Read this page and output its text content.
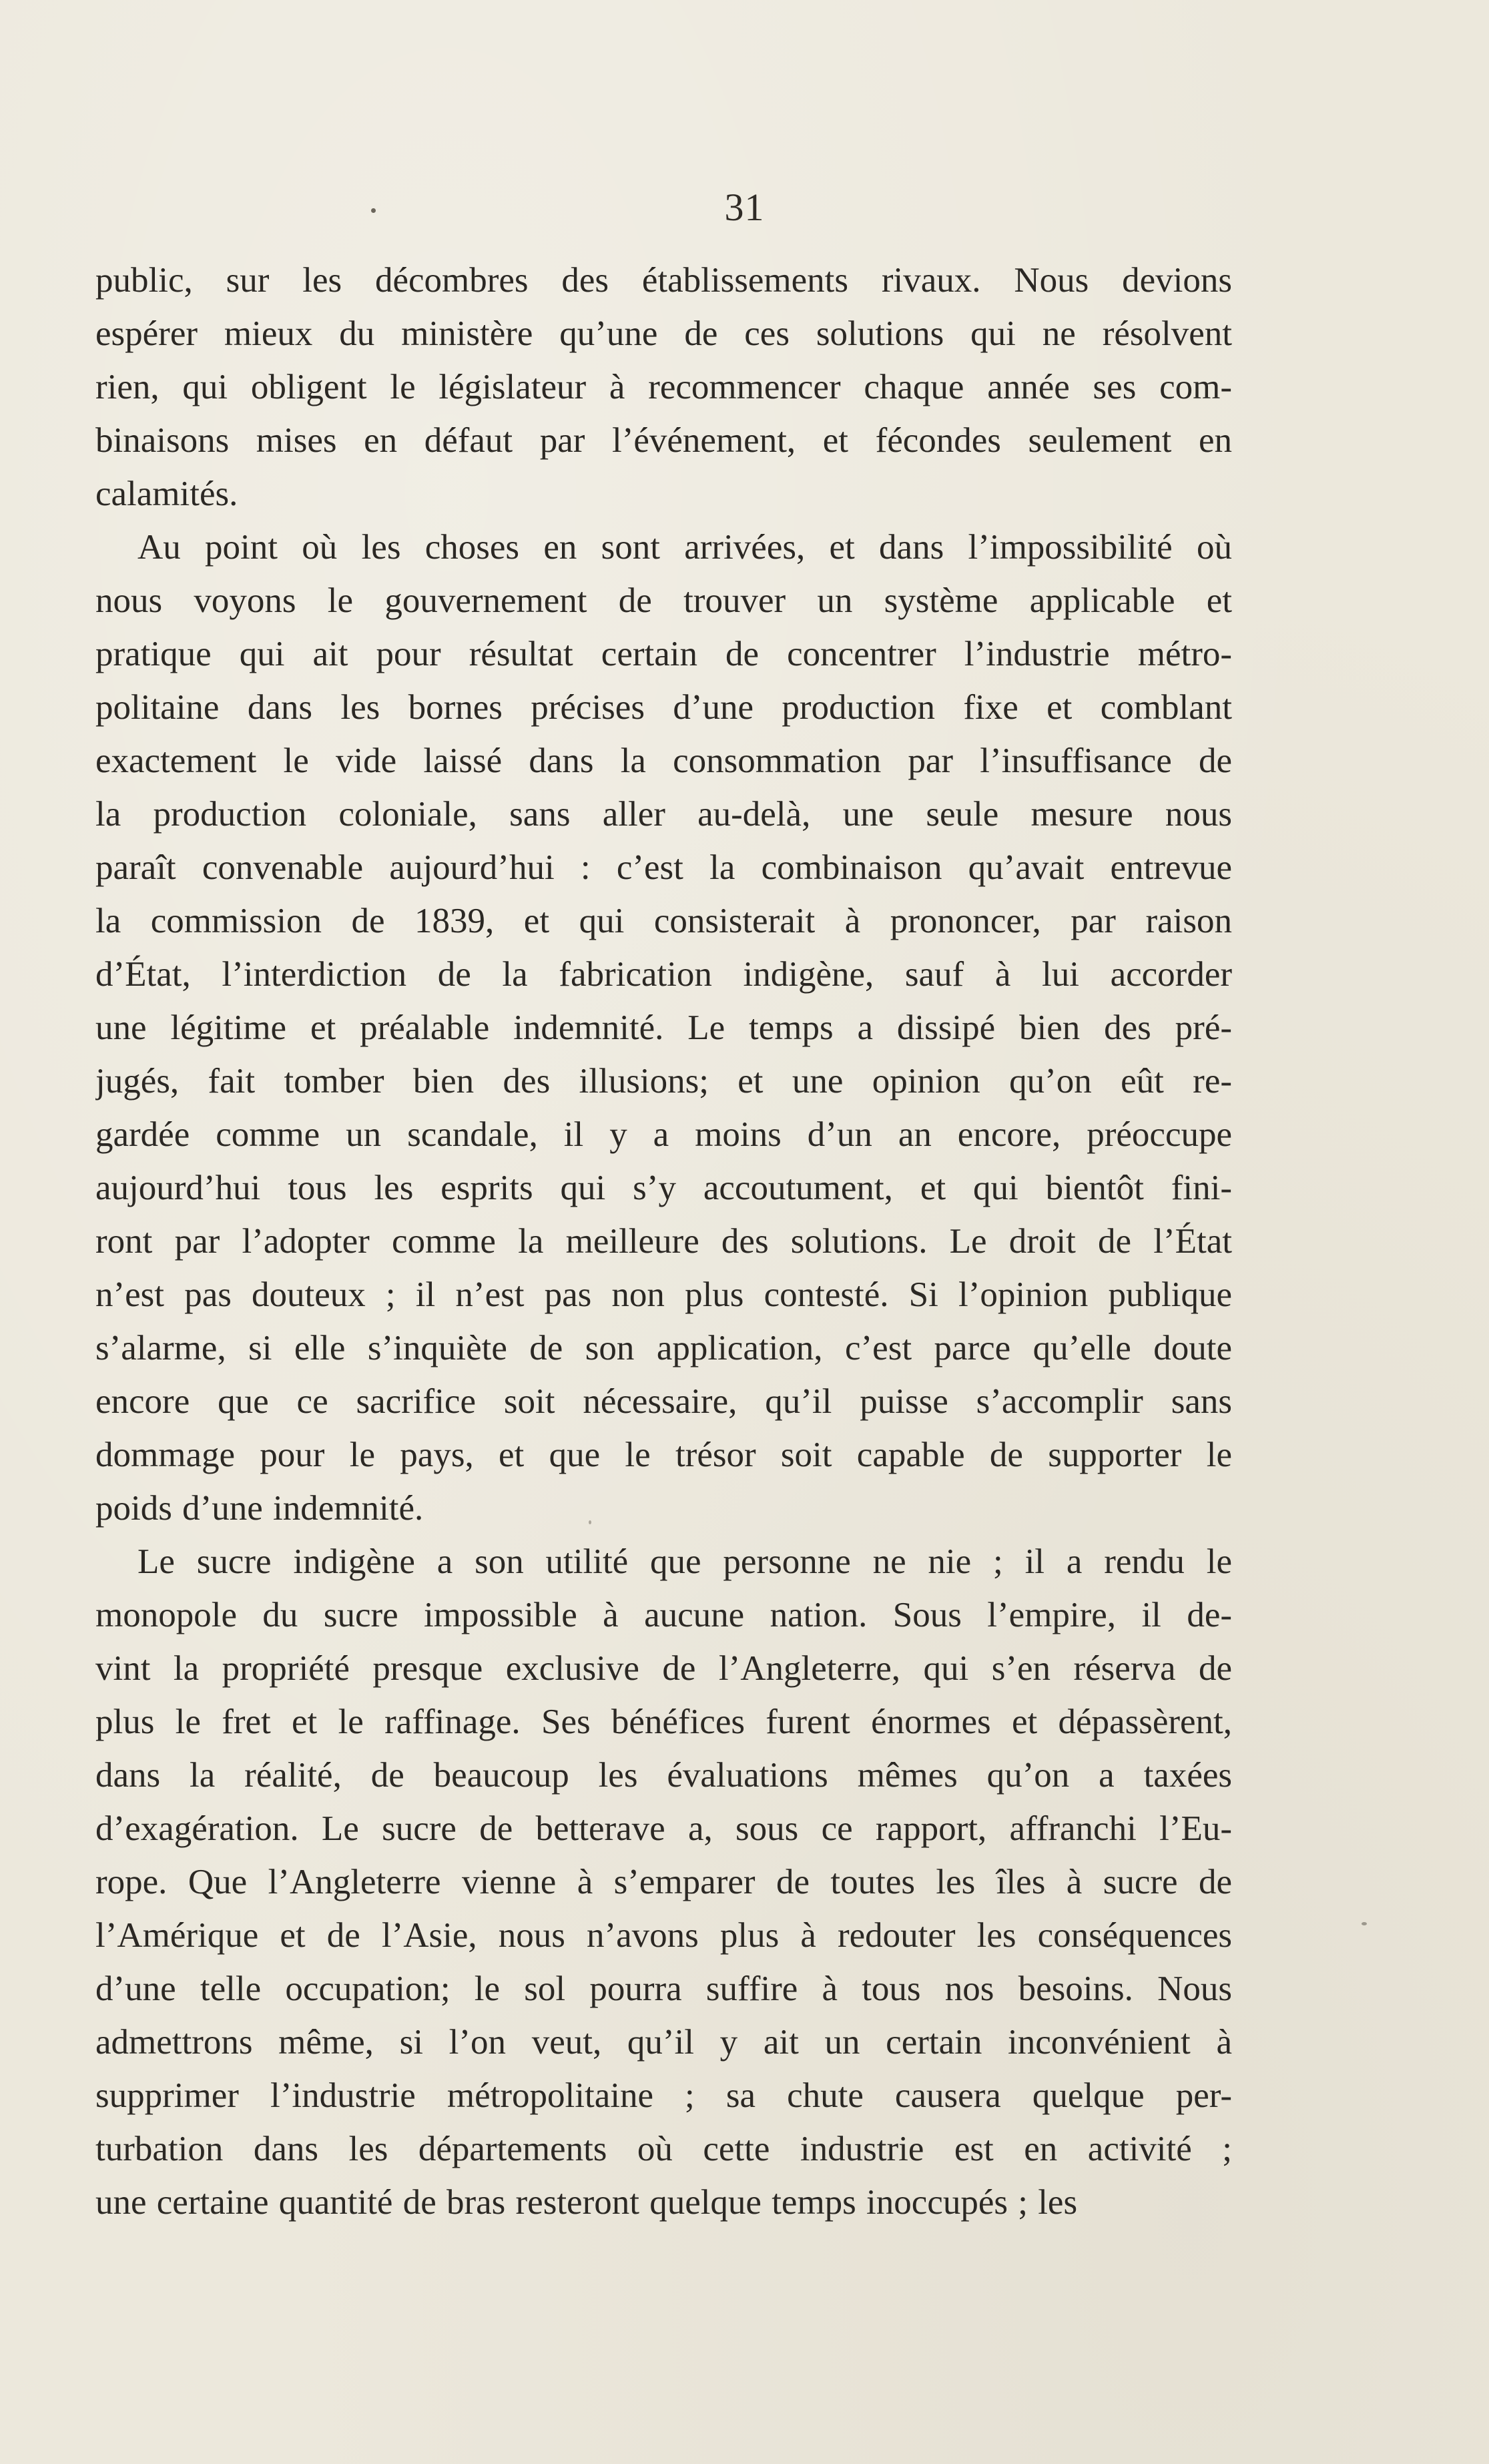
31
public, sur les décombres des établissements rivaux. Nous devions
espérer mieux du ministère qu’une de ces solutions qui ne résolvent
rien, qui obligent le législateur à recommencer chaque année ses com-
binaisons mises en défaut par l’événement, et fécondes seulement en
calamités.
Au point où les choses en sont arrivées, et dans l’impossibilité où
nous voyons le gouvernement de trouver un système applicable et
pratique qui ait pour résultat certain de concentrer l’industrie métro-
politaine dans les bornes précises d’une production fixe et comblant
exactement le vide laissé dans la consommation par l’insuffisance de
la production coloniale, sans aller au-delà, une seule mesure nous
paraît convenable aujourd’hui : c’est la combinaison qu’avait entrevue
la commission de 1839, et qui consisterait à prononcer, par raison
d’État, l’interdiction de la fabrication indigène, sauf à lui accorder
une légitime et préalable indemnité. Le temps a dissipé bien des pré-
jugés, fait tomber bien des illusions; et une opinion qu’on eût re-
gardée comme un scandale, il y a moins d’un an encore, préoccupe
aujourd’hui tous les esprits qui s’y accoutument, et qui bientôt fini-
ront par l’adopter comme la meilleure des solutions. Le droit de l’État
n’est pas douteux ; il n’est pas non plus contesté. Si l’opinion publique
s’alarme, si elle s’inquiète de son application, c’est parce qu’elle doute
encore que ce sacrifice soit nécessaire, qu’il puisse s’accomplir sans
dommage pour le pays, et que le trésor soit capable de supporter le
poids d’une indemnité.
Le sucre indigène a son utilité que personne ne nie ; il a rendu le
monopole du sucre impossible à aucune nation. Sous l’empire, il de-
vint la propriété presque exclusive de l’Angleterre, qui s’en réserva de
plus le fret et le raffinage. Ses bénéfices furent énormes et dépassèrent,
dans la réalité, de beaucoup les évaluations mêmes qu’on a taxées
d’exagération. Le sucre de betterave a, sous ce rapport, affranchi l’Eu-
rope. Que l’Angleterre vienne à s’emparer de toutes les îles à sucre de
l’Amérique et de l’Asie, nous n’avons plus à redouter les conséquences
d’une telle occupation; le sol pourra suffire à tous nos besoins. Nous
admettrons même, si l’on veut, qu’il y ait un certain inconvénient à
supprimer l’industrie métropolitaine ; sa chute causera quelque per-
turbation dans les départements où cette industrie est en activité ;
une certaine quantité de bras resteront quelque temps inoccupés ; les
